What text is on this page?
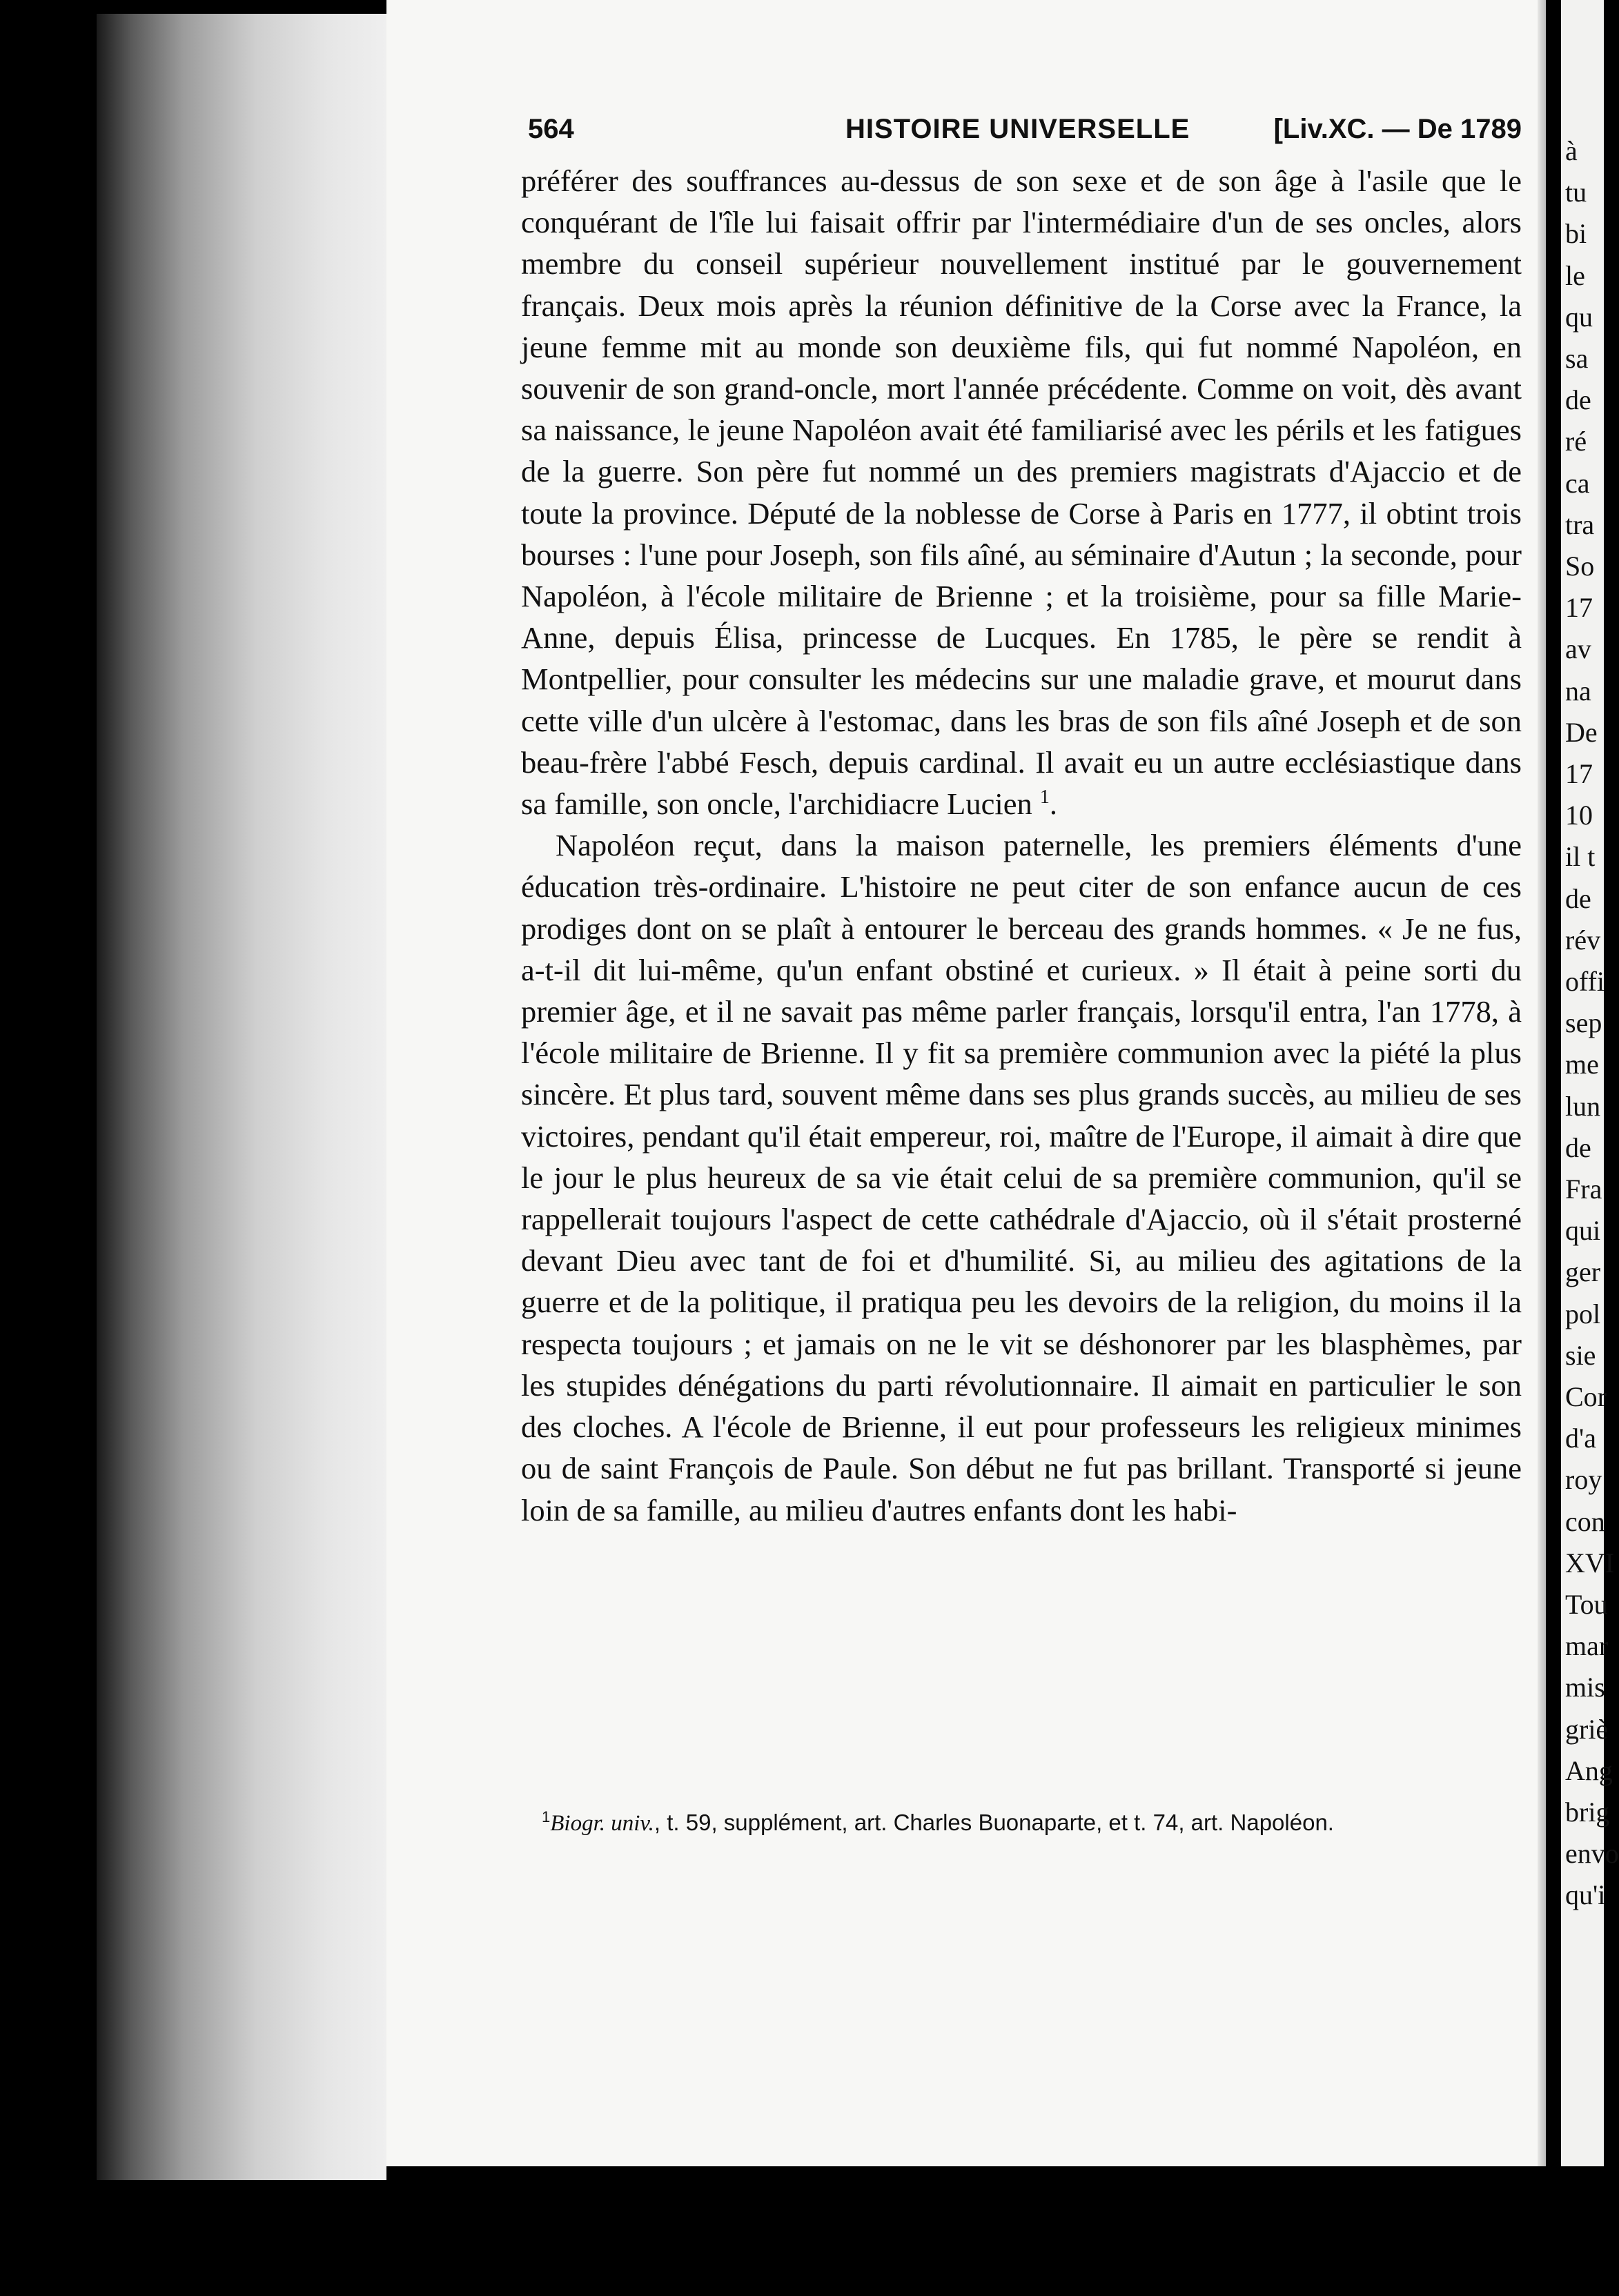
à
tu
bi
le
qu
sa
de
ré
ca
tra
So
17
av
na
De
17
10
il t
de
rév
offi
sep
me
lun
de
Fra
qui
ger
pol
sie
Cor
d'a
roy
con
XVI
Tou
mar
mis
griè
Ang
brig
envo
qu'i
564	HISTOIRE UNIVERSELLE	[Liv.XC. — De 1789

préférer des souffrances au-dessus de son sexe et de son âge à l'asile que le conquérant de l'île lui faisait offrir par l'intermédiaire d'un de ses oncles, alors membre du conseil supérieur nouvellement institué par le gouvernement français. Deux mois après la réunion définitive de la Corse avec la France, la jeune femme mit au monde son deuxième fils, qui fut nommé Napoléon, en souvenir de son grand-oncle, mort l'année précédente. Comme on voit, dès avant sa naissance, le jeune Napoléon avait été familiarisé avec les périls et les fatigues de la guerre. Son père fut nommé un des premiers magistrats d'Ajaccio et de toute la province. Député de la noblesse de Corse à Paris en 1777, il obtint trois bourses : l'une pour Joseph, son fils aîné, au séminaire d'Autun ; la seconde, pour Napoléon, à l'école militaire de Brienne ; et la troisième, pour sa fille Marie-Anne, depuis Élisa, princesse de Lucques. En 1785, le père se rendit à Montpellier, pour consulter les médecins sur une maladie grave, et mourut dans cette ville d'un ulcère à l'estomac, dans les bras de son fils aîné Joseph et de son beau-frère l'abbé Fesch, depuis cardinal. Il avait eu un autre ecclésiastique dans sa famille, son oncle, l'archidiacre Lucien $^1$.

Napoléon reçut, dans la maison paternelle, les premiers éléments d'une éducation très-ordinaire. L'histoire ne peut citer de son enfance aucun de ces prodiges dont on se plaît à entourer le berceau des grands hommes. « Je ne fus, a-t-il dit lui-même, qu'un enfant obstiné et curieux. » Il était à peine sorti du premier âge, et il ne savait pas même parler français, lorsqu'il entra, l'an 1778, à l'école militaire de Brienne. Il y fit sa première communion avec la piété la plus sincère. Et plus tard, souvent même dans ses plus grands succès, au milieu de ses victoires, pendant qu'il était empereur, roi, maître de l'Europe, il aimait à dire que le jour le plus heureux de sa vie était celui de sa première communion, qu'il se rappellerait toujours l'aspect de cette cathédrale d'Ajaccio, où il s'était prosterné devant Dieu avec tant de foi et d'humilité. Si, au milieu des agitations de la guerre et de la politique, il pratiqua peu les devoirs de la religion, du moins il la respecta toujours ; et jamais on ne le vit se déshonorer par les blasphèmes, par les stupides dénégations du parti révolutionnaire. Il aimait en particulier le son des cloches. A l'école de Brienne, il eut pour professeurs les religieux minimes ou de saint François de Paule. Son début ne fut pas brillant. Transporté si jeune loin de sa famille, au milieu d'autres enfants dont les habi-

$^1$Biogr. univ., t. 59, supplément, art. Charles Buonaparte, et t. 74, art. Napoléon.
